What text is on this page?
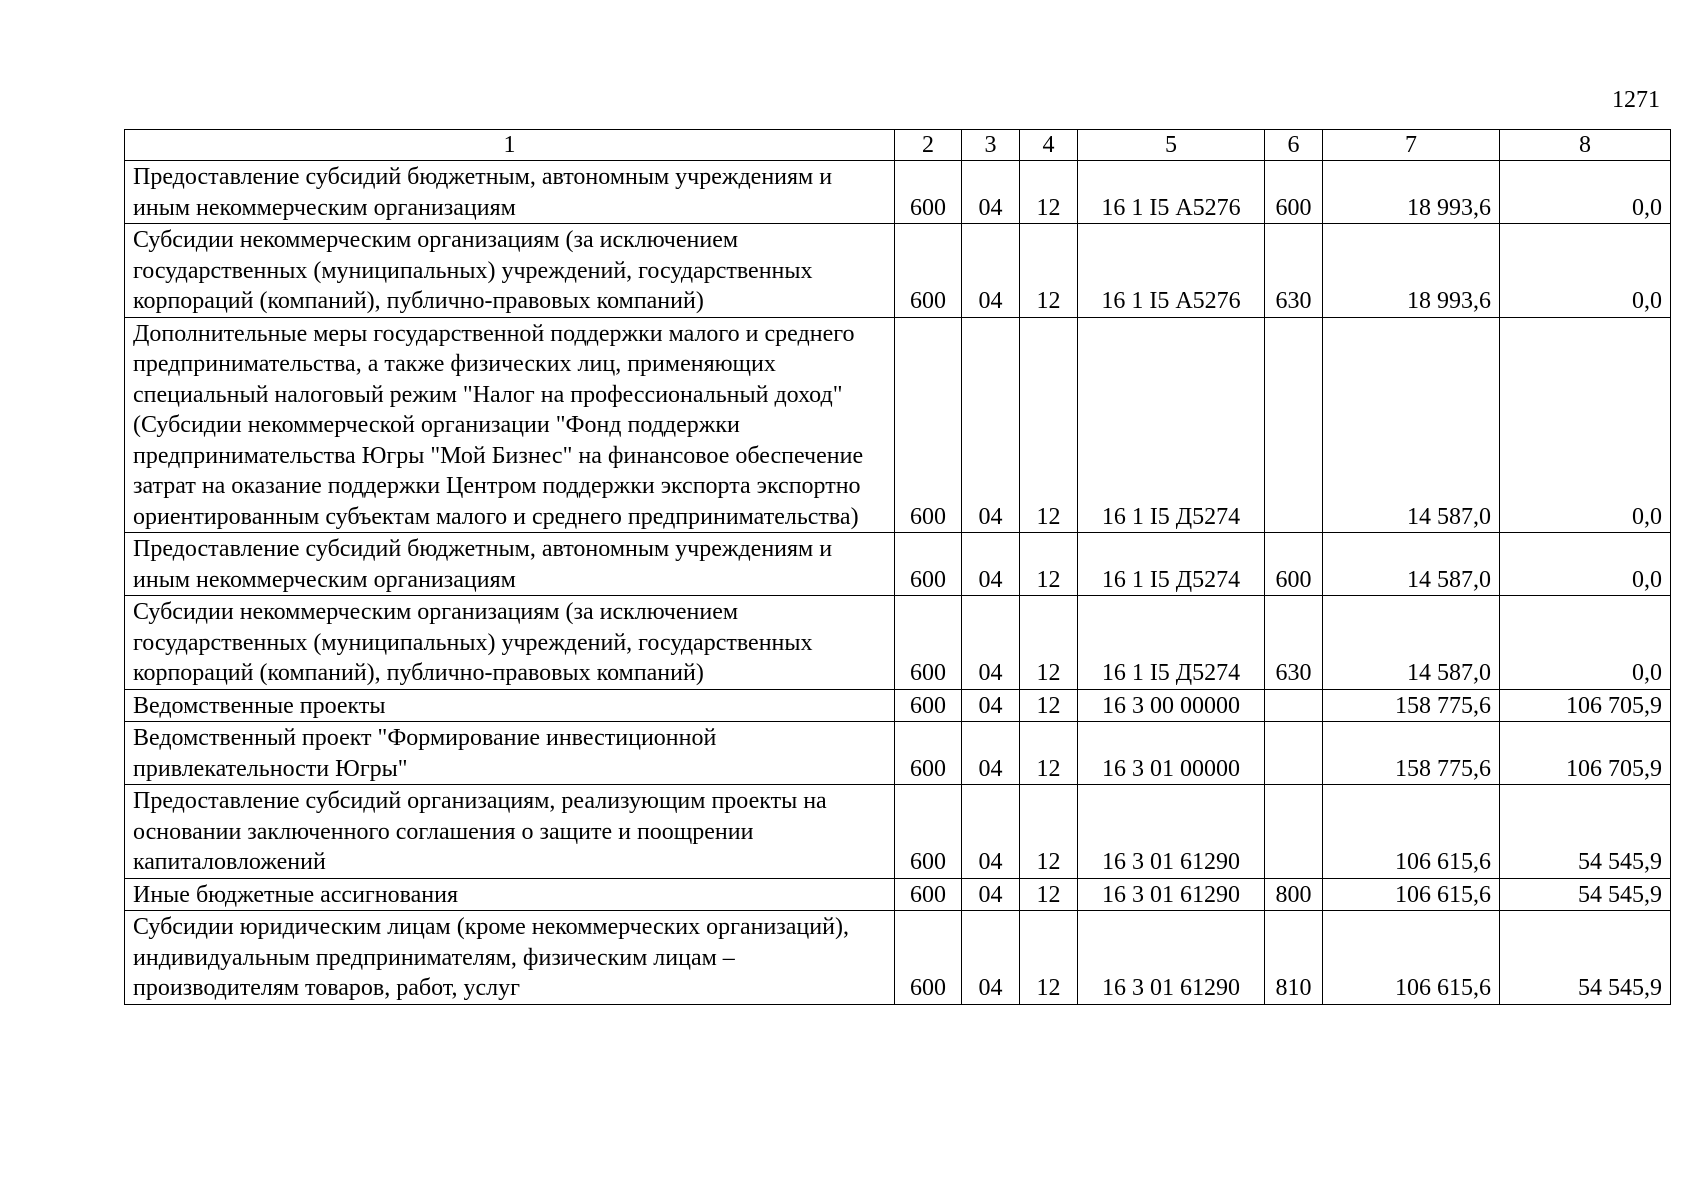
1271
1	2	3	4	5	6	7	8
Предоставление субсидий бюджетным, автономным учреждениям и иным некоммерческим организациям	600	04	12	16 1 I5 А5276	600	18 993,6	0,0
Субсидии некоммерческим организациям (за исключением государственных (муниципальных) учреждений, государственных корпораций (компаний), публично-правовых компаний)	600	04	12	16 1 I5 А5276	630	18 993,6	0,0
Дополнительные меры государственной поддержки малого и среднего предпринимательства, а также физических лиц, применяющих специальный налоговый режим "Налог на профессиональный доход" (Субсидии некоммерческой организации "Фонд поддержки предпринимательства Югры "Мой Бизнес" на финансовое обеспечение затрат на оказание поддержки Центром поддержки экспорта экспортно ориентированным субъектам малого и среднего предпринимательства)	600	04	12	16 1 I5 Д5274		14 587,0	0,0
Предоставление субсидий бюджетным, автономным учреждениям и иным некоммерческим организациям	600	04	12	16 1 I5 Д5274	600	14 587,0	0,0
Субсидии некоммерческим организациям (за исключением государственных (муниципальных) учреждений, государственных корпораций (компаний), публично-правовых компаний)	600	04	12	16 1 I5 Д5274	630	14 587,0	0,0
Ведомственные проекты	600	04	12	16 3 00 00000		158 775,6	106 705,9
Ведомственный проект "Формирование инвестиционной привлекательности Югры"	600	04	12	16 3 01 00000		158 775,6	106 705,9
Предоставление субсидий организациям, реализующим проекты на основании заключенного соглашения о защите и поощрении капиталовложений	600	04	12	16 3 01 61290		106 615,6	54 545,9
Иные бюджетные ассигнования	600	04	12	16 3 01 61290	800	106 615,6	54 545,9
Субсидии юридическим лицам (кроме некоммерческих организаций), индивидуальным предпринимателям, физическим лицам – производителям товаров, работ, услуг	600	04	12	16 3 01 61290	810	106 615,6	54 545,9
